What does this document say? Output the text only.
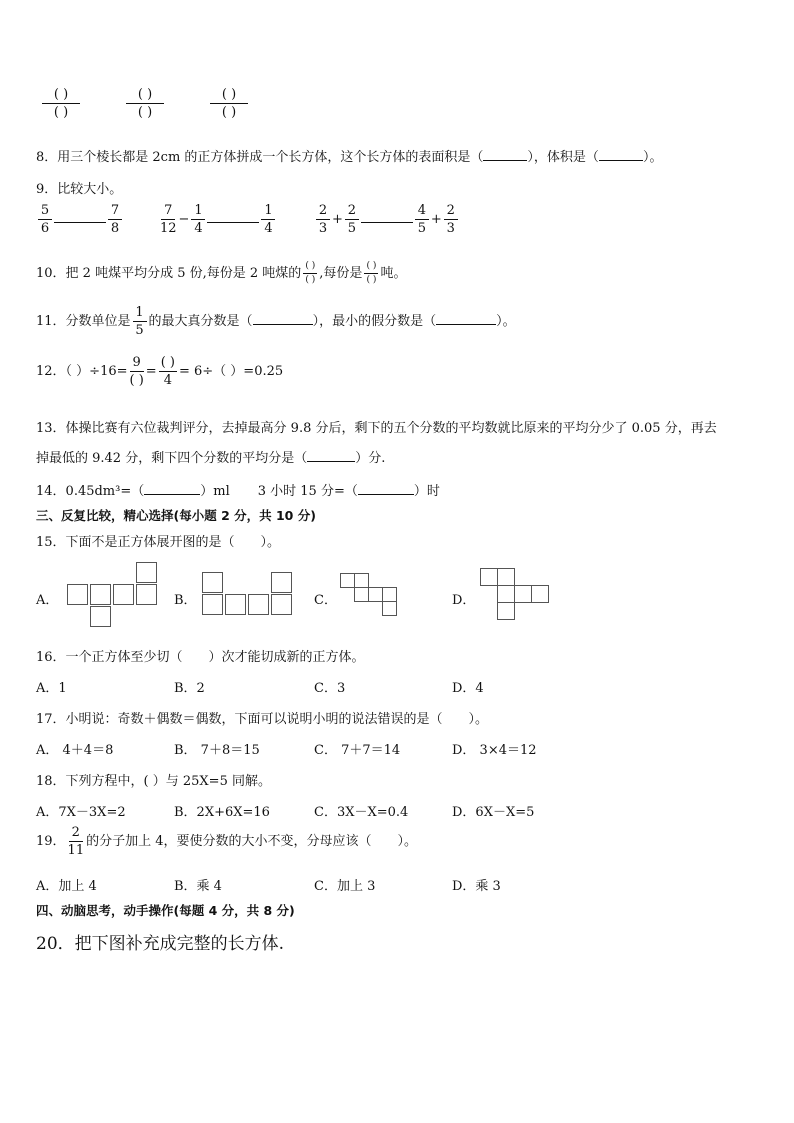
$\frac{( )}{( )}$	$\frac{( )}{( )}$	$\frac{( )}{( )}$
8．用三个棱长都是 2cm 的正方体拼成一个长方体，这个长方体的表面积是（	），体积是（	）。
9．比较大小。
$\frac{5}{6}$	$\frac{7}{8}$	$\frac{7}{12} - \frac{1}{4}$	$\frac{1}{4}$	$\frac{2}{3} + \frac{2}{5}$	$\frac{4}{5} + \frac{2}{3}$
10．把 2 吨煤平均分成 5 份,每份是 2 吨煤的 $\frac{( )}{( )}$ ,每份是 $\frac{( )}{( )}$ 吨。
11．分数单位是 $\frac{1}{5}$ 的最大真分数是（	），最小的假分数是（	）。
12．（ ）$\div 16= \frac{9}{( )} = \frac{( )}{4} = 6\div$（ ）=0.25
13．体操比赛有六位裁判评分，去掉最高分 9.8 分后，剩下的五个分数的平均数就比原来的平均分少了 0.05 分，再去
掉最低的 9.42 分，剩下四个分数的平均分是（	）分.
14．0.45dm³=（	）ml 3 小时 15 分=（	）时
三、反复比较，精心选择(每小题 2 分，共 10 分)
15．下面不是正方体展开图的是（　　）。
A．	B．	C．	D．
16．一个正方体至少切（　　）次才能切成新的正方体。
A．1	B．2	C．3	D．4
17．小明说：奇数＋偶数＝偶数，下面可以说明小明的说法错误的是（　　）。
A． 4＋4＝8	B． 7＋8＝15	C． 7＋7＝14	D． 3×4＝12
18．下列方程中，( ）与 25X=5 同解。
A．7X－3X=2	B．2X+6X=16	C．3X－X=0.4	D．6X－X=5
19． $\frac{2}{11}$ 的分子加上 4，要使分数的大小不变，分母应该（　　）。
A．加上 4	B．乘 4	C．加上 3	D．乘 3
四、动脑思考，动手操作(每题 4 分，共 8 分)
20．把下图补充成完整的长方体.
